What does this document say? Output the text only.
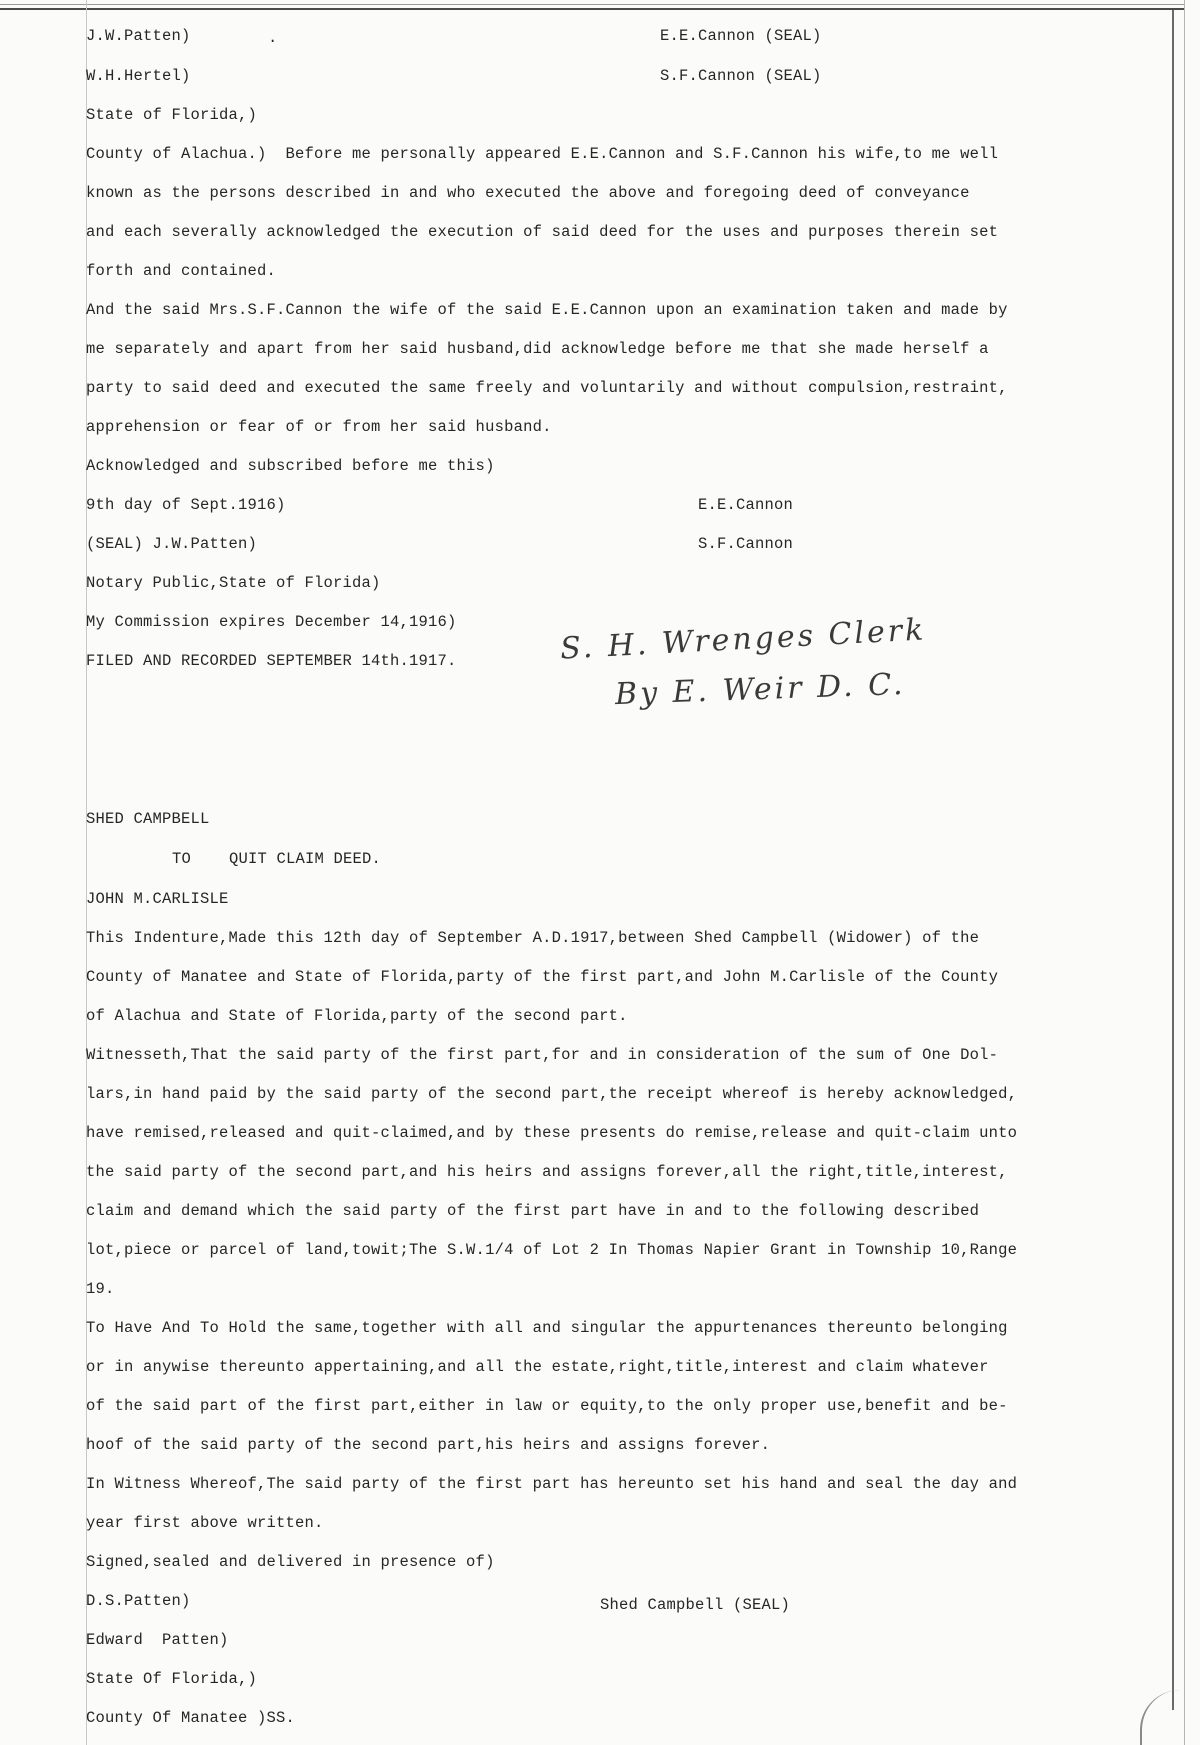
J.W.Patten)	.	E.E.Cannon (SEAL)
W.H.Hertel)	S.F.Cannon (SEAL)
State of Florida,)
County of Alachua.)  Before me personally appeared E.E.Cannon and S.F.Cannon his wife,to me well
known as the persons described in and who executed the above and foregoing deed of conveyance
and each severally acknowledged the execution of said deed for the uses and purposes therein set
forth and contained.
And the said Mrs.S.F.Cannon the wife of the said E.E.Cannon upon an examination taken and made by
me separately and apart from her said husband,did acknowledge before me that she made herself a
party to said deed and executed the same freely and voluntarily and without compulsion,restraint,
apprehension or fear of or from her said husband.
Acknowledged and subscribed before me this)
9th day of Sept.1916)	E.E.Cannon
(SEAL) J.W.Patten)	S.F.Cannon
Notary Public,State of Florida)
My Commission expires December 14,1916)
FILED AND RECORDED SEPTEMBER 14th.1917.	S. H. Wrenges Clerk
By E. Weir D. C.
SHED CAMPBELL
TO    QUIT CLAIM DEED.
JOHN M.CARLISLE
This Indenture,Made this 12th day of September A.D.1917,between Shed Campbell (Widower) of the
County of Manatee and State of Florida,party of the first part,and John M.Carlisle of the County
of Alachua and State of Florida,party of the second part.
Witnesseth,That the said party of the first part,for and in consideration of the sum of One Dol-
lars,in hand paid by the said party of the second part,the receipt whereof is hereby acknowledged,
have remised,released and quit-claimed,and by these presents do remise,release and quit-claim unto
the said party of the second part,and his heirs and assigns forever,all the right,title,interest,
claim and demand which the said party of the first part have in and to the following described
lot,piece or parcel of land,towit;The S.W.1/4 of Lot 2 In Thomas Napier Grant in Township 10,Range
19.
To Have And To Hold the same,together with all and singular the appurtenances thereunto belonging
or in anywise thereunto appertaining,and all the estate,right,title,interest and claim whatever
of the said part of the first part,either in law or equity,to the only proper use,benefit and be-
hoof of the said party of the second part,his heirs and assigns forever.
In Witness Whereof,The said party of the first part has hereunto set his hand and seal the day and
year first above written.
Signed,sealed and delivered in presence of)
D.S.Patten)	Shed Campbell (SEAL)
Edward  Patten)
State Of Florida,)
County Of Manatee )SS.
